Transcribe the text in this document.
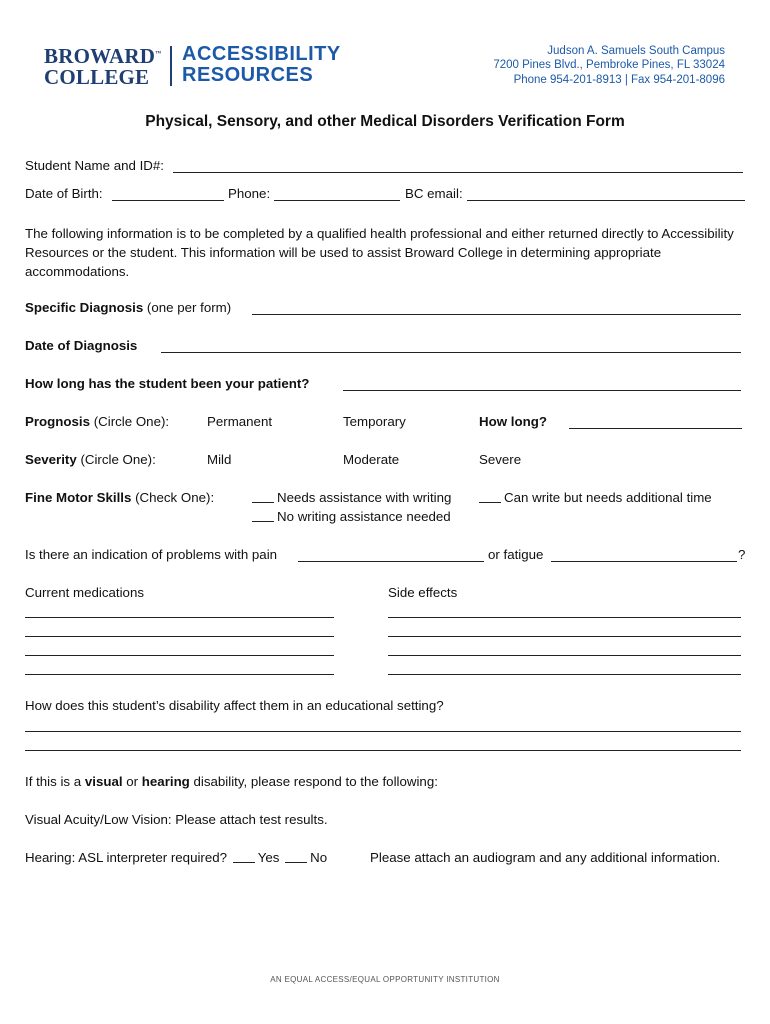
BROWARD™
COLLEGE
ACCESSIBILITY
RESOURCES
Judson A. Samuels South Campus
7200 Pines Blvd., Pembroke Pines, FL 33024
Phone 954-201-8913 | Fax 954-201-8096
Physical, Sensory, and other Medical Disorders Verification Form
Student Name and ID#:
Date of Birth:	Phone:	BC email:
The following information is to be completed by a qualified health professional and either returned directly to Accessibility Resources or the student. This information will be used to assist Broward College in determining appropriate accommodations.
Specific Diagnosis (one per form)
Date of Diagnosis
How long has the student been your patient?
Prognosis (Circle One):	Permanent	Temporary	How long?
Severity (Circle One):	Mild	Moderate	Severe
Fine Motor Skills (Check One):	Needs assistance with writing	Can write but needs additional time
No writing assistance needed
Is there an indication of problems with pain	or fatigue	?
Current medications	Side effects
How does this student’s disability affect them in an educational setting?
If this is a visual or hearing disability, please respond to the following:
Visual Acuity/Low Vision: Please attach test results.
Hearing: ASL interpreter required? Yes No	Please attach an audiogram and any additional information.
AN EQUAL ACCESS/EQUAL OPPORTUNITY INSTITUTION
